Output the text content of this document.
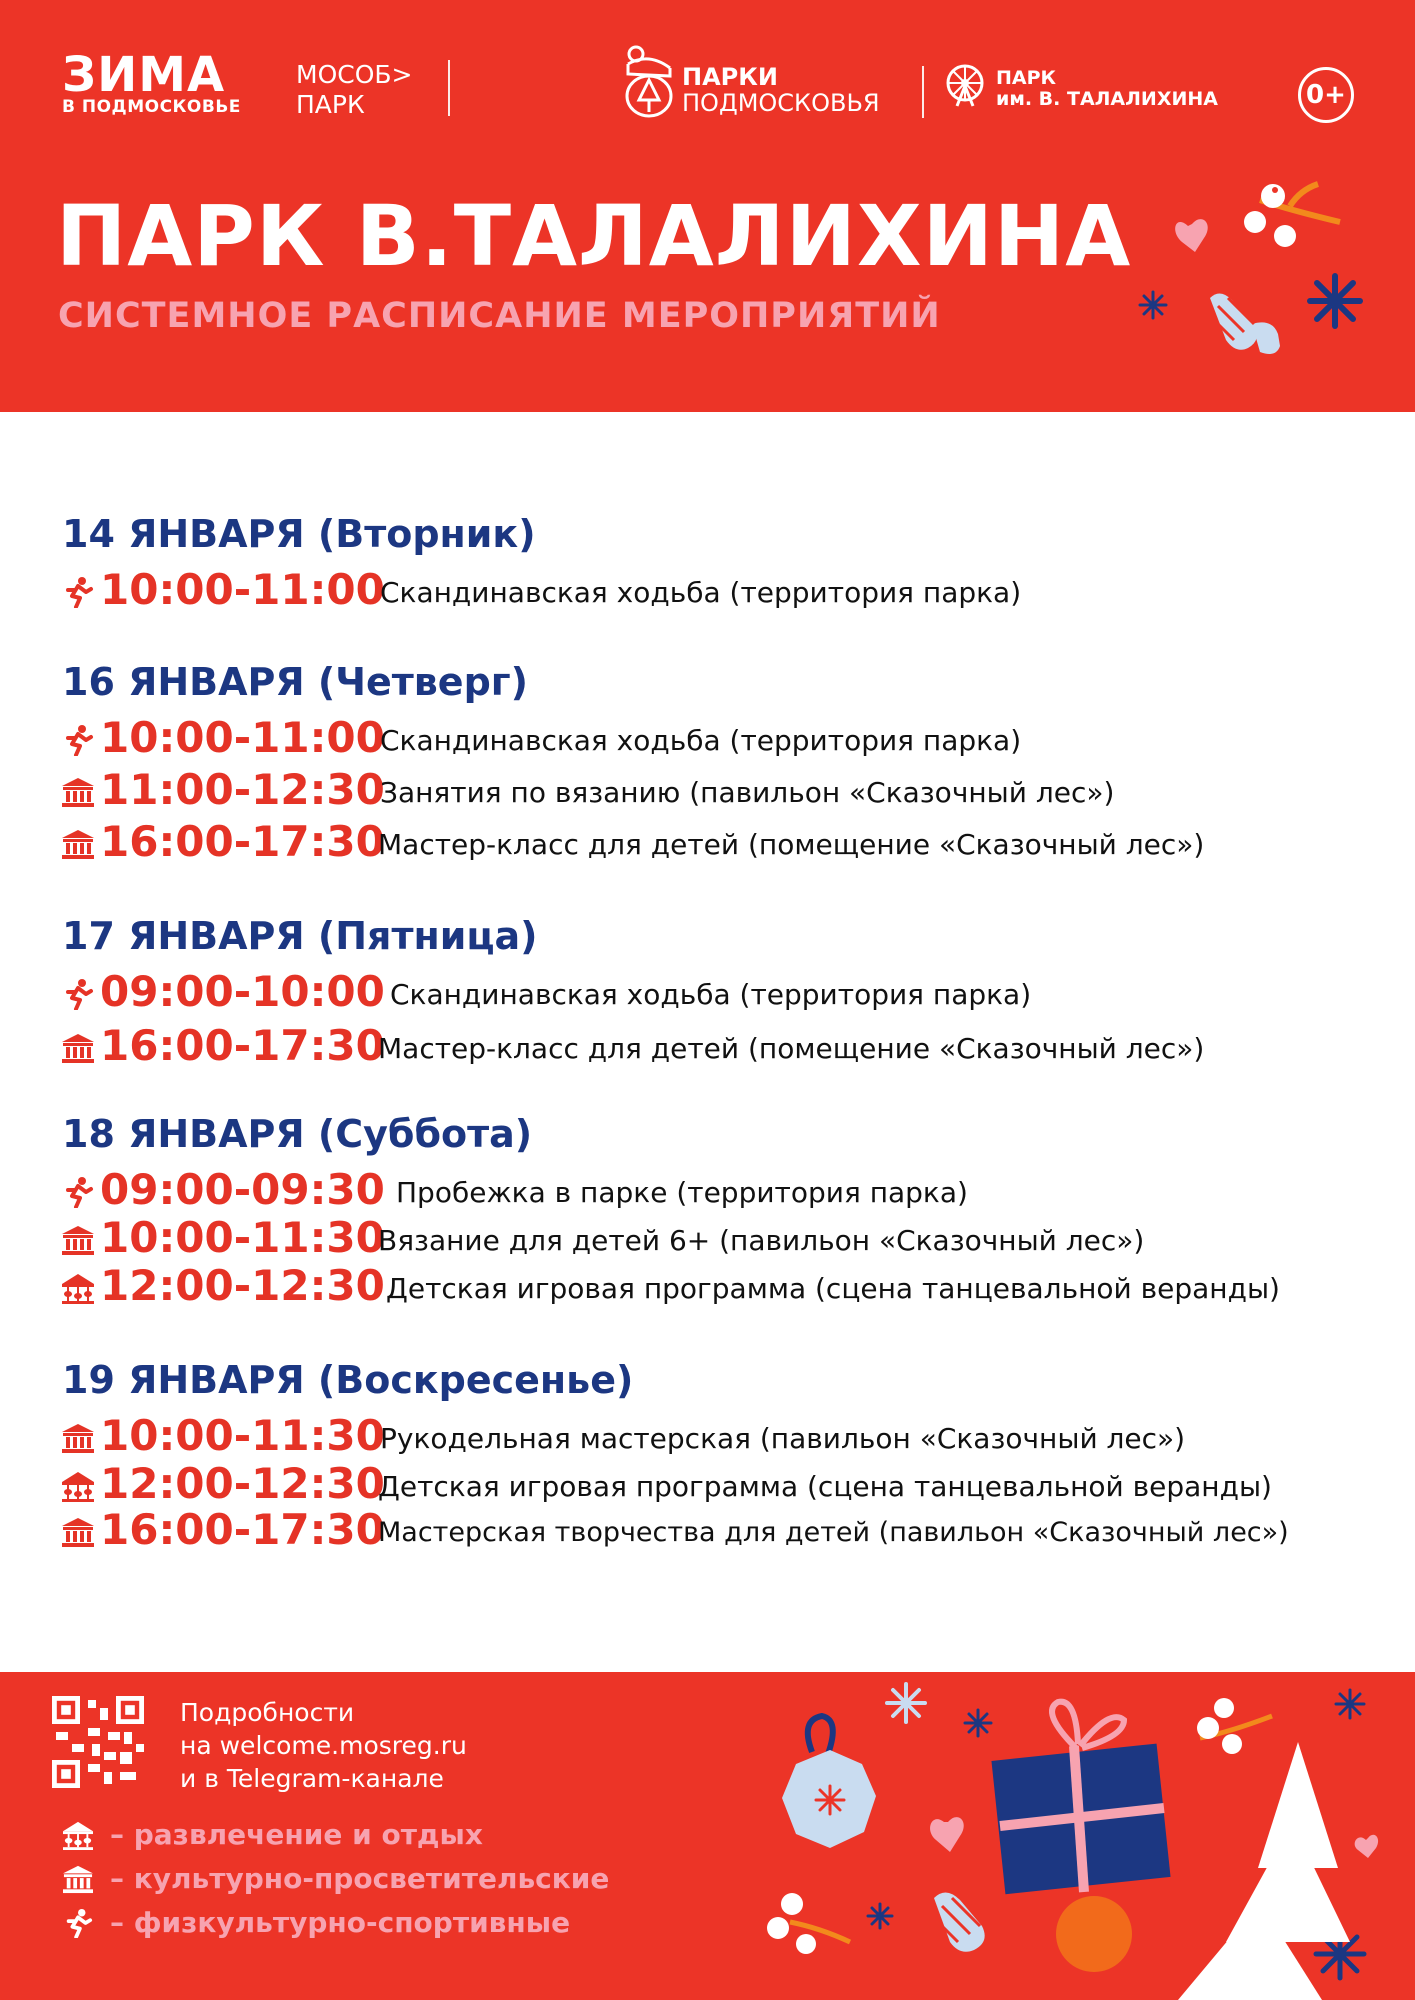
ЗИМА
В ПОДМОСКОВЬЕ
МОСОБ>
ПАРК
ПАРКИ
ПОДМОСКОВЬЯ
ПАРК
им. В. ТАЛАЛИХИНА	0+
ПАРК В.ТАЛАЛИХИНА
СИСТЕМНОЕ РАСПИСАНИЕ МЕРОПРИЯТИЙ
14 ЯНВАРЯ (Вторник)
10:00-11:00
Скандинавская ходьба (территория парка)
16 ЯНВАРЯ (Четверг)
10:00-11:00
Скандинавская ходьба (территория парка)
11:00-12:30
Занятия по вязанию (павильон «Сказочный лес»)
16:00-17:30
Мастер-класс для детей (помещение «Сказочный лес»)
17 ЯНВАРЯ (Пятница)
09:00-10:00 Скандинавская ходьба (территория парка)
16:00-17:30
Мастер-класс для детей (помещение «Сказочный лес»)
18 ЯНВАРЯ (Суббота)
09:00-09:30 Пробежка в парке (территория парка)
10:00-11:30
Вязание для детей 6+ (павильон «Сказочный лес»)
12:00-12:30 Детская игровая программа (сцена танцевальной веранды)
19 ЯНВАРЯ (Воскресенье)
10:00-11:30
Рукодельная мастерская (павильон «Сказочный лес»)
12:00-12:30
Детская игровая программа (сцена танцевальной веранды)
16:00-17:30
Мастерская творчества для детей (павильон «Сказочный лес»)
Подробности
на welcome.mosreg.ru
и в Telegram-канале
– развлечение и отдых
– культурно-просветительские
– физкультурно-спортивные
